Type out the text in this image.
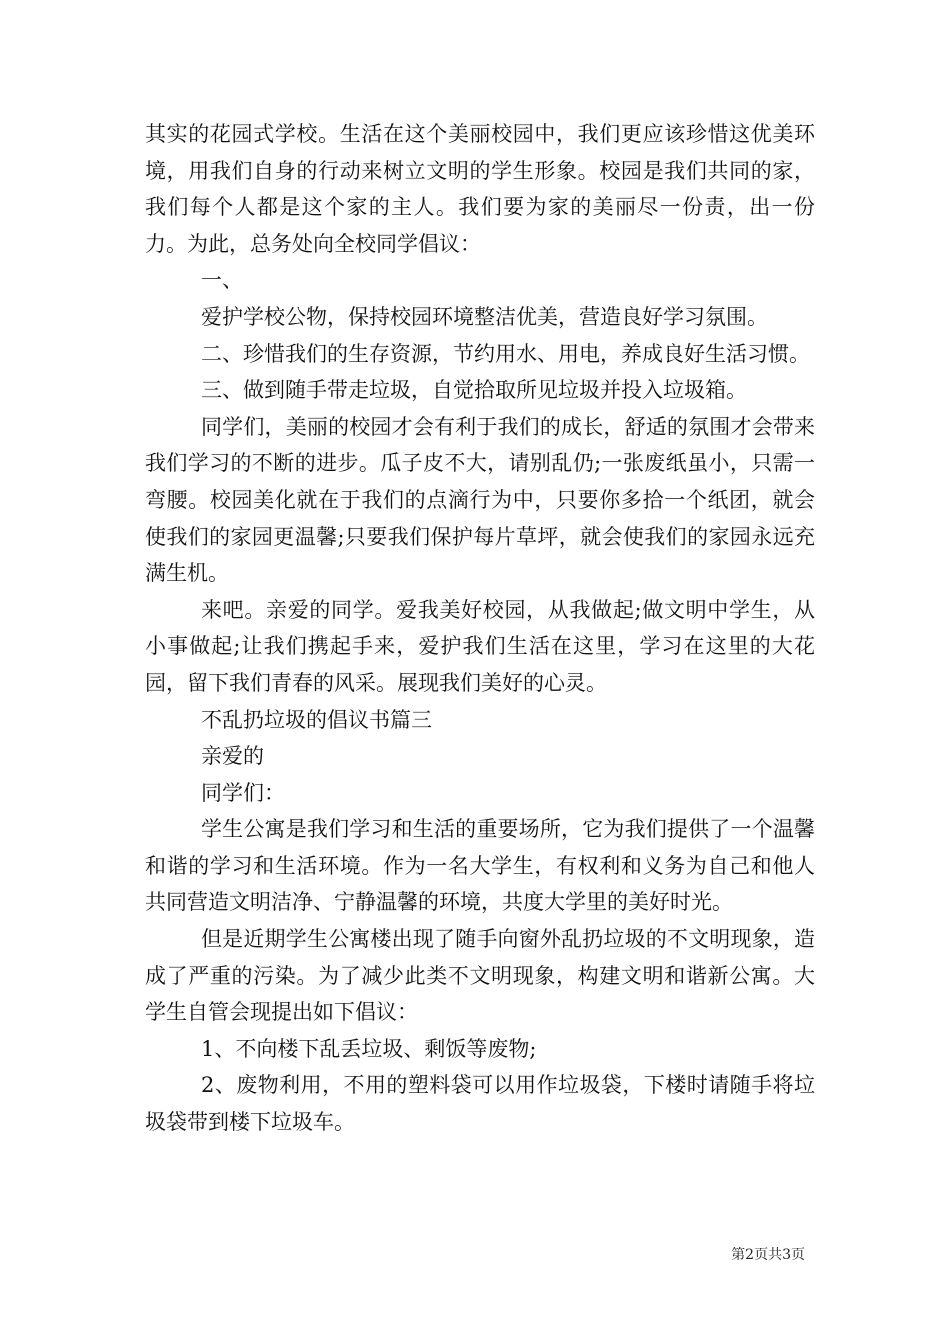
其实的花园式学校。生活在这个美丽校园中，我们更应该珍惜这优美环境，用我们自身的行动来树立文明的学生形象。校园是我们共同的家，我们每个人都是这个家的主人。我们要为家的美丽尽一份责，出一份力。为此，总务处向全校同学倡议：

一、

爱护学校公物，保持校园环境整洁优美，营造良好学习氛围。

二、珍惜我们的生存资源，节约用水、用电，养成良好生活习惯。

三、做到随手带走垃圾，自觉拾取所见垃圾并投入垃圾箱。

同学们，美丽的校园才会有利于我们的成长，舒适的氛围才会带来我们学习的不断的进步。瓜子皮不大，请别乱仍;一张废纸虽小，只需一弯腰。校园美化就在于我们的点滴行为中，只要你多拾一个纸团，就会使我们的家园更温馨;只要我们保护每片草坪，就会使我们的家园永远充满生机。

来吧。亲爱的同学。爱我美好校园，从我做起;做文明中学生，从小事做起;让我们携起手来，爱护我们生活在这里，学习在这里的大花园，留下我们青春的风采。展现我们美好的心灵。

不乱扔垃圾的倡议书篇三

亲爱的

同学们：

学生公寓是我们学习和生活的重要场所，它为我们提供了一个温馨和谐的学习和生活环境。作为一名大学生，有权利和义务为自己和他人共同营造文明洁净、宁静温馨的环境，共度大学里的美好时光。

但是近期学生公寓楼出现了随手向窗外乱扔垃圾的不文明现象，造成了严重的污染。为了减少此类不文明现象，构建文明和谐新公寓。大学生自管会现提出如下倡议：

1、不向楼下乱丢垃圾、剩饭等废物;

2、废物利用，不用的塑料袋可以用作垃圾袋，下楼时请随手将垃圾袋带到楼下垃圾车。

第2页共3页
